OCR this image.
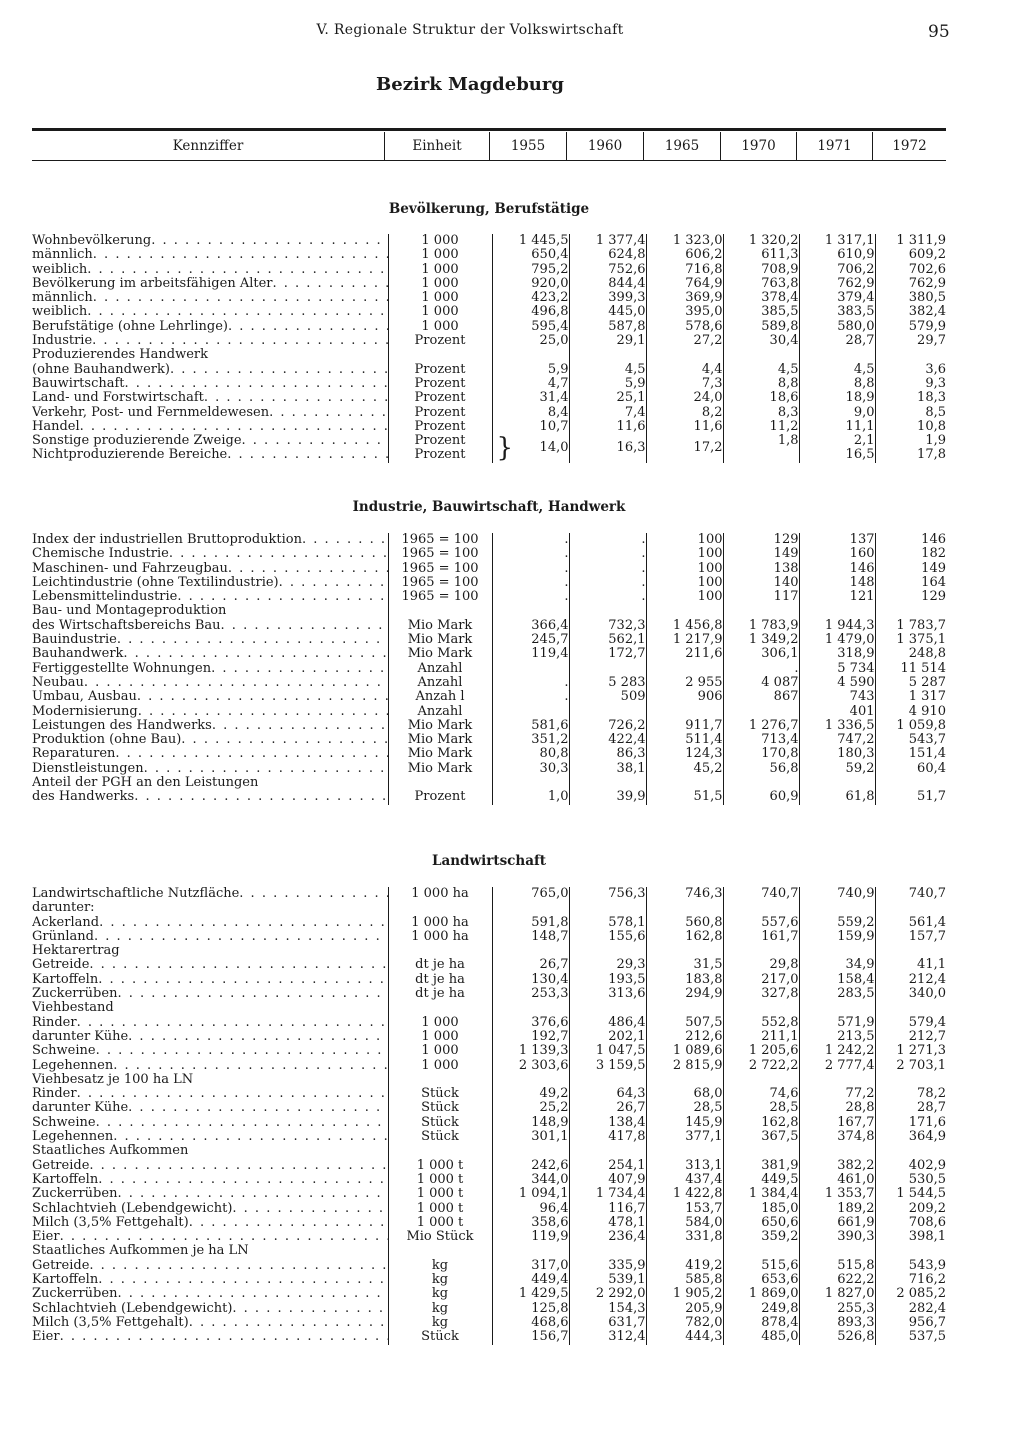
V. Regionale Struktur der Volkswirtschaft	95
Bezirk Magdeburg
Kennziffer	Einheit	1955	1960	1965	1970	1971	1972
Bevölkerung, Berufstätige
Wohnbevölkerung
. . .	1 000	1 445,5	1 377,4	1 323,0	1 320,2	1 317,1	1 311,9

männlich
. . .	1 000	650,4	624,8	606,2	611,3	610,9	609,2

weiblich
. . .	1 000	795,2	752,6	716,8	708,9	706,2	702,6

Bevölkerung im arbeitsfähigen Alter
. . .	1 000	920,0	844,4	764,9	763,8	762,9	762,9

männlich
. . .	1 000	423,2	399,3	369,9	378,4	379,4	380,5

weiblich
. . .	1 000	496,8	445,0	395,0	385,5	383,5	382,4

Berufstätige (ohne Lehrlinge)
. . .	1 000	595,4	587,8	578,6	589,8	580,0	579,9

Industrie
. . .	Prozent	25,0	29,1	27,2	30,4	28,7	29,7

Produzierendes Handwerk							

(ohne Bauhandwerk)
. . .	Prozent	5,9	4,5	4,4	4,5	4,5	3,6

Bauwirtschaft
. . .	Prozent	4,7	5,9	7,3	8,8	8,8	9,3

Land- und Forstwirtschaft
. . .	Prozent	31,4	25,1	24,0	18,6	18,9	18,3

Verkehr, Post- und Fernmeldewesen
. . .	Prozent	8,4	7,4	8,2	8,3	9,0	8,5

Handel
. . .	Prozent	10,7	11,6	11,6	11,2	11,1	10,8

Sonstige produzierende Zweige
. . .	Prozent	} 14,0	16,3	17,2	1,8	2,1	1,9

Nichtproduzierende Bereiche
. . .	Prozent					16,5	17,8
Industrie, Bauwirtschaft, Handwerk
Index der industriellen Bruttoproduktion
. . .	1965 = 100	.	.	100	129	137	146

Chemische Industrie
. . .	1965 = 100	.	.	100	149	160	182

Maschinen- und Fahrzeugbau
. . .	1965 = 100	.	.	100	138	146	149

Leichtindustrie (ohne Textilindustrie)
. . .	1965 = 100	.	.	100	140	148	164

Lebensmittelindustrie
. . .	1965 = 100	.	.	100	117	121	129

Bau- und Montageproduktion							

des Wirtschaftsbereichs Bau
. . .	Mio Mark	366,4	732,3	1 456,8	1 783,9	1 944,3	1 783,7

Bauindustrie
. . .	Mio Mark	245,7	562,1	1 217,9	1 349,2	1 479,0	1 375,1

Bauhandwerk
. . .	Mio Mark	119,4	172,7	211,6	306,1	318,9	248,8

Fertiggestellte Wohnungen
. . .	Anzahl				.	5 734	11 514

Neubau
. . .	Anzahl	.	5 283	2 955	4 087	4 590	5 287

Umbau, Ausbau
. . .	Anzah l	.	509	906	867	743	1 317

Modernisierung
. . .	Anzahl					401	4 910

Leistungen des Handwerks
. . .	Mio Mark	581,6	726,2	911,7	1 276,7	1 336,5	1 059,8

Produktion (ohne Bau)
. . .	Mio Mark	351,2	422,4	511,4	713,4	747,2	543,7

Reparaturen
. . .	Mio Mark	80,8	86,3	124,3	170,8	180,3	151,4

Dienstleistungen
. . .	Mio Mark	30,3	38,1	45,2	56,8	59,2	60,4

Anteil der PGH an den Leistungen							

des Handwerks
. . .	Prozent	1,0	39,9	51,5	60,9	61,8	51,7
Landwirtschaft
Landwirtschaftliche Nutzfläche
. . .	1 000 ha	765,0	756,3	746,3	740,7	740,9	740,7

darunter:							

Ackerland
. . .	1 000 ha	591,8	578,1	560,8	557,6	559,2	561,4

Grünland
. . .	1 000 ha	148,7	155,6	162,8	161,7	159,9	157,7

Hektarertrag							

Getreide
. . .	dt je ha	26,7	29,3	31,5	29,8	34,9	41,1

Kartoffeln
. . .	dt je ha	130,4	193,5	183,8	217,0	158,4	212,4

Zuckerrüben
. . .	dt je ha	253,3	313,6	294,9	327,8	283,5	340,0

Viehbestand							

Rinder
. . .	1 000	376,6	486,4	507,5	552,8	571,9	579,4

darunter Kühe
. . .	1 000	192,7	202,1	212,6	211,1	213,5	212,7

Schweine
. . .	1 000	1 139,3	1 047,5	1 089,6	1 205,6	1 242,2	1 271,3

Legehennen
. . .	1 000	2 303,6	3 159,5	2 815,9	2 722,2	2 777,4	2 703,1

Viehbesatz je 100 ha LN							

Rinder
. . .	Stück	49,2	64,3	68,0	74,6	77,2	78,2

darunter Kühe
. . .	Stück	25,2	26,7	28,5	28,5	28,8	28,7

Schweine
. . .	Stück	148,9	138,4	145,9	162,8	167,7	171,6

Legehennen
. . .	Stück	301,1	417,8	377,1	367,5	374,8	364,9

Staatliches Aufkommen							

Getreide
. . .	1 000 t	242,6	254,1	313,1	381,9	382,2	402,9

Kartoffeln
. . .	1 000 t	344,0	407,9	437,4	449,5	461,0	530,5

Zuckerrüben
. . .	1 000 t	1 094,1	1 734,4	1 422,8	1 384,4	1 353,7	1 544,5

Schlachtvieh (Lebendgewicht)
. . .	1 000 t	96,4	116,7	153,7	185,0	189,2	209,2

Milch (3,5% Fettgehalt)
. . .	1 000 t	358,6	478,1	584,0	650,6	661,9	708,6

Eier
. . .	Mio Stück	119,9	236,4	331,8	359,2	390,3	398,1

Staatliches Aufkommen je ha LN							

Getreide
. . .	kg	317,0	335,9	419,2	515,6	515,8	543,9

Kartoffeln
. . .	kg	449,4	539,1	585,8	653,6	622,2	716,2

Zuckerrüben
. . .	kg	1 429,5	2 292,0	1 905,2	1 869,0	1 827,0	2 085,2

Schlachtvieh (Lebendgewicht)
. . .	kg	125,8	154,3	205,9	249,8	255,3	282,4

Milch (3,5% Fettgehalt)
. . .	kg	468,6	631,7	782,0	878,4	893,3	956,7

Eier
. . .	Stück	156,7	312,4	444,3	485,0	526,8	537,5
